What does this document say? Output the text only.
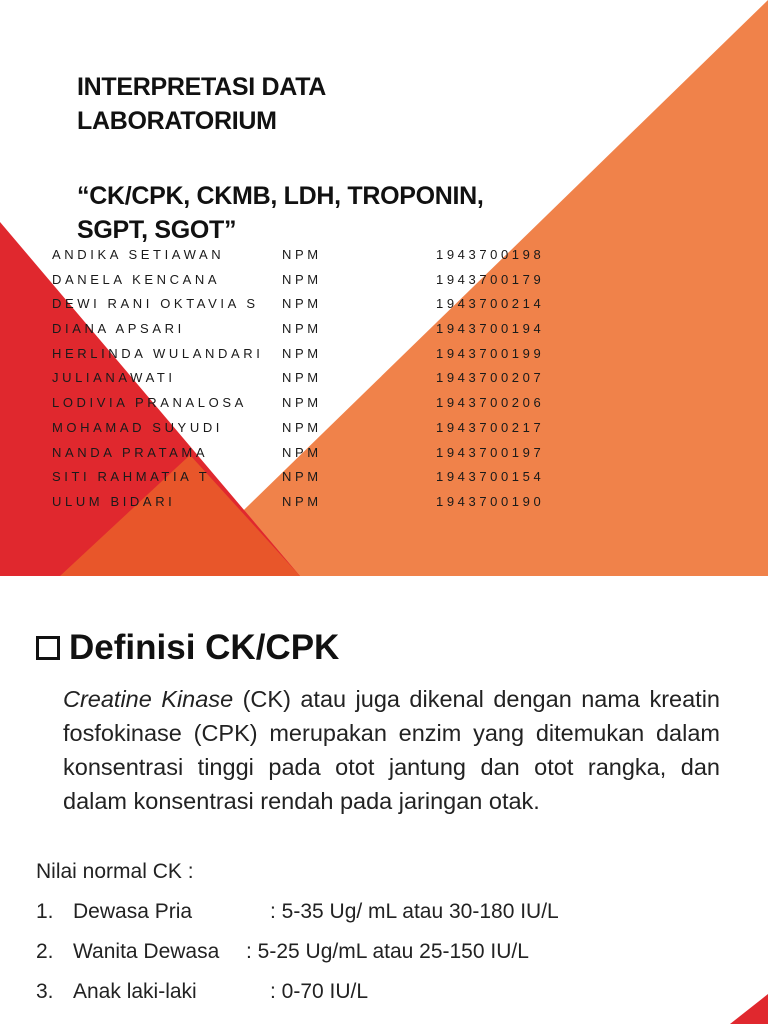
INTERPRETASI DATA
LABORATORIUM
“CK/CPK, CKMB, LDH, TROPONIN,
SGPT, SGOT”
ANDIKA SETIAWAN	NPM	1943700198
DANELA KENCANA	NPM	1943700179
DEWI RANI OKTAVIA S NPM	1943700214
DIANA APSARI	NPM	1943700194
HERLINDA WULANDARI NPM	1943700199
JULIANAWATI	NPM	1943700207
LODIVIA PRANALOSA	NPM	1943700206
MOHAMAD SUYUDI	NPM	1943700217
NANDA PRATAMA	NPM	1943700197
SITI RAHMATIA T	NPM	1943700154
ULUM BIDARI	NPM	1943700190
Definisi CK/CPK

Creatine Kinase (CK) atau juga dikenal dengan nama kreatin fosfokinase (CPK) merupakan enzim yang ditemukan dalam konsentrasi tinggi pada otot jantung dan otot rangka, dan dalam konsentrasi rendah pada jaringan otak.

Nilai normal CK :

1. Dewasa Pria	: 5-35 Ug/ mL atau 30-180 IU/L
2. Wanita Dewasa : 5-25 Ug/mL atau 25-150 IU/L
3. Anak laki-laki	: 0-70 IU/L
